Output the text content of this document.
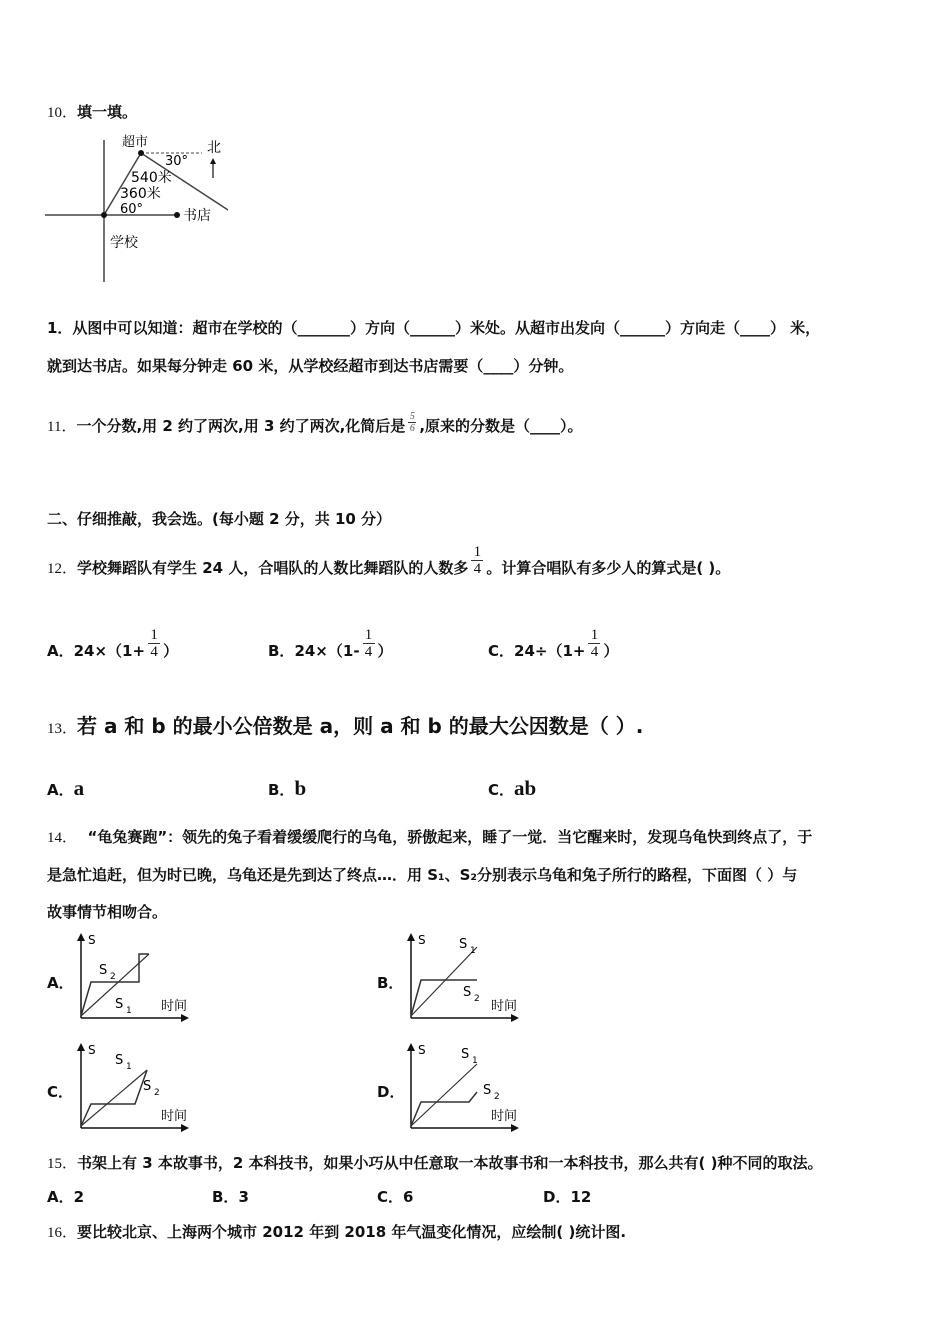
10．填一填。
超市
30°
北
540米
360米
60°	书店
学校
1．从图中可以知道：超市在学校的（_______）方向（______）米处。从超市出发向（______）方向走（____） 米，
就到达书店。如果每分钟走 60 米，从学校经超市到达书店需要（____）分钟。
11．一个分数,用 2 约了两次,用 3 约了两次,化简后是 $\frac{5}{6}$ ,原来的分数是（____）。
二、仔细推敲，我会选。(每小题 2 分，共 10 分）
12．学校舞蹈队有学生 24 人，合唱队的人数比舞蹈队的人数多 $\frac{1}{4}$ 。计算合唱队有多少人的算式是( )。
A．$24\times(1+ \frac{1}{4}$ ）	B．$24\times(1- \frac{1}{4}$ ）	C．$24\div(1+ \frac{1}{4}$ ）
13．若 a 和 b 的最小公倍数是 a，则 a 和 b 的最大公因数是（ ）.
A．a	B．b	C．ab
14． “龟兔赛跑”：领先的兔子看着缓缓爬行的乌龟，骄傲起来，睡了一觉．当它醒来时，发现乌龟快到终点了，于
是急忙追赶，但为时已晚，乌龟还是先到达了终点…．用 S₁、S₂分别表示乌龟和兔子所行的路程，下面图（ ）与
故事情节相吻合。
A．
S
时间
S 1
S 2	B．
S
时间
S 1
S 2
C．
S
时间
S 1
S 2	D．
S
时间
S 1
S 2
15．书架上有 3 本故事书，2 本科技书，如果小巧从中任意取一本故事书和一本科技书，那么共有( )种不同的取法。
A．2	B．3	C．6	D．12
16．要比较北京、上海两个城市 2012 年到 2018 年气温变化情况，应绘制( )统计图.
